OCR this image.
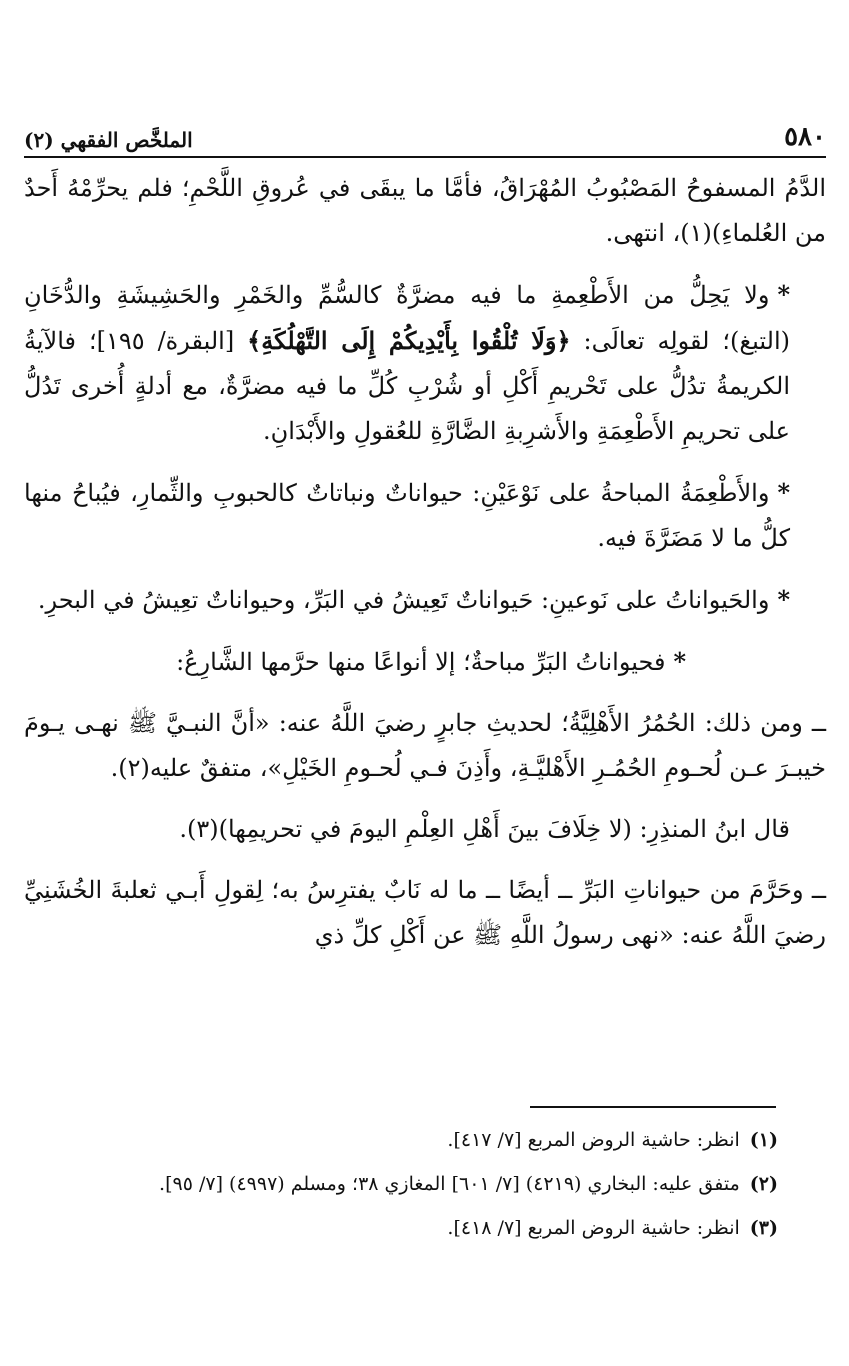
٥٨٠
الملخَّص الفقهي (٢)

الدَّمُ المسفوحُ المَصْبُوبُ المُهْرَاقُ، فأمَّا ما يبقَى في عُروقِ اللَّحْمِ؛ فلم يحرِّمْهُ أَحدٌ من العُلماءِ)(١)، انتهى.

*ولا يَحِلُّ من الأَطْعِمةِ ما فيه مضرَّةٌ كالسُّمِّ والخَمْرِ والحَشِيشَةِ والدُّخَانِ (التبغ)؛ لقولِه تعالَى: ﴿وَلَا تُلْقُوا بِأَيْدِيكُمْ إِلَى التَّهْلُكَةِ﴾ [البقرة/ ١٩٥]؛ فالآيةُ الكريمةُ تدُلُّ على تَحْريمِ أَكْلِ أو شُرْبِ كُلِّ ما فيه مضرَّةٌ، مع أدلةٍ أُخرى تَدُلُّ على تحريمِ الأَطْعِمَةِ والأَشرِبةِ الضَّارَّةِ للعُقولِ والأَبْدَانِ.

*والأَطْعِمَةُ المباحةُ على نَوْعَيْنِ: حيواناتٌ ونباتاتٌ كالحبوبِ والثِّمارِ، فيُباحُ منها كلُّ ما لا مَضَرَّةَ فيه.

*والحَيواناتُ على نَوعينِ: حَيواناتٌ تَعِيشُ في البَرِّ، وحيواناتٌ تعِيشُ في البحرِ.

*فحيواناتُ البَرِّ مباحةٌ؛ إلا أنواعًا منها حرَّمها الشَّارِعُ:

ــ ومن ذلك: الحُمُرُ الأَهْلِيَّةُ؛ لحديثِ جابرٍ رضيَ اللَّهُ عنه: «أنَّ النبـيَّ ﷺ نهـى يـومَ خيبـرَ عـن لُحـومِ الحُمُـرِ الأَهْليَّـةِ، وأَذِنَ فـي لُحـومِ الخَيْلِ»، متفقٌ عليه(٢).

قال ابنُ المنذِرِ: (لا خِلَافَ بينَ أَهْلِ العِلْمِ اليومَ في تحريمِها)(٣).

ــ وحَرَّمَ من حيواناتِ البَرِّ ــ أيضًا ــ ما له نَابٌ يفترِسُ به؛ لِقولِ أَبـي ثعلبةَ الخُشَنِيِّ رضيَ اللَّهُ عنه: «نهى رسولُ اللَّهِ ﷺ عن أَكْلِ كلِّ ذي

(١)انظر: حاشية الروض المربع [٧/ ٤١٧].

(٢)متفق عليه: البخاري (٤٢١٩) [٧/ ٦٠١] المغازي ٣٨؛ ومسلم (٤٩٩٧) [٧/ ٩٥].

(٣)انظر: حاشية الروض المربع [٧/ ٤١٨].
